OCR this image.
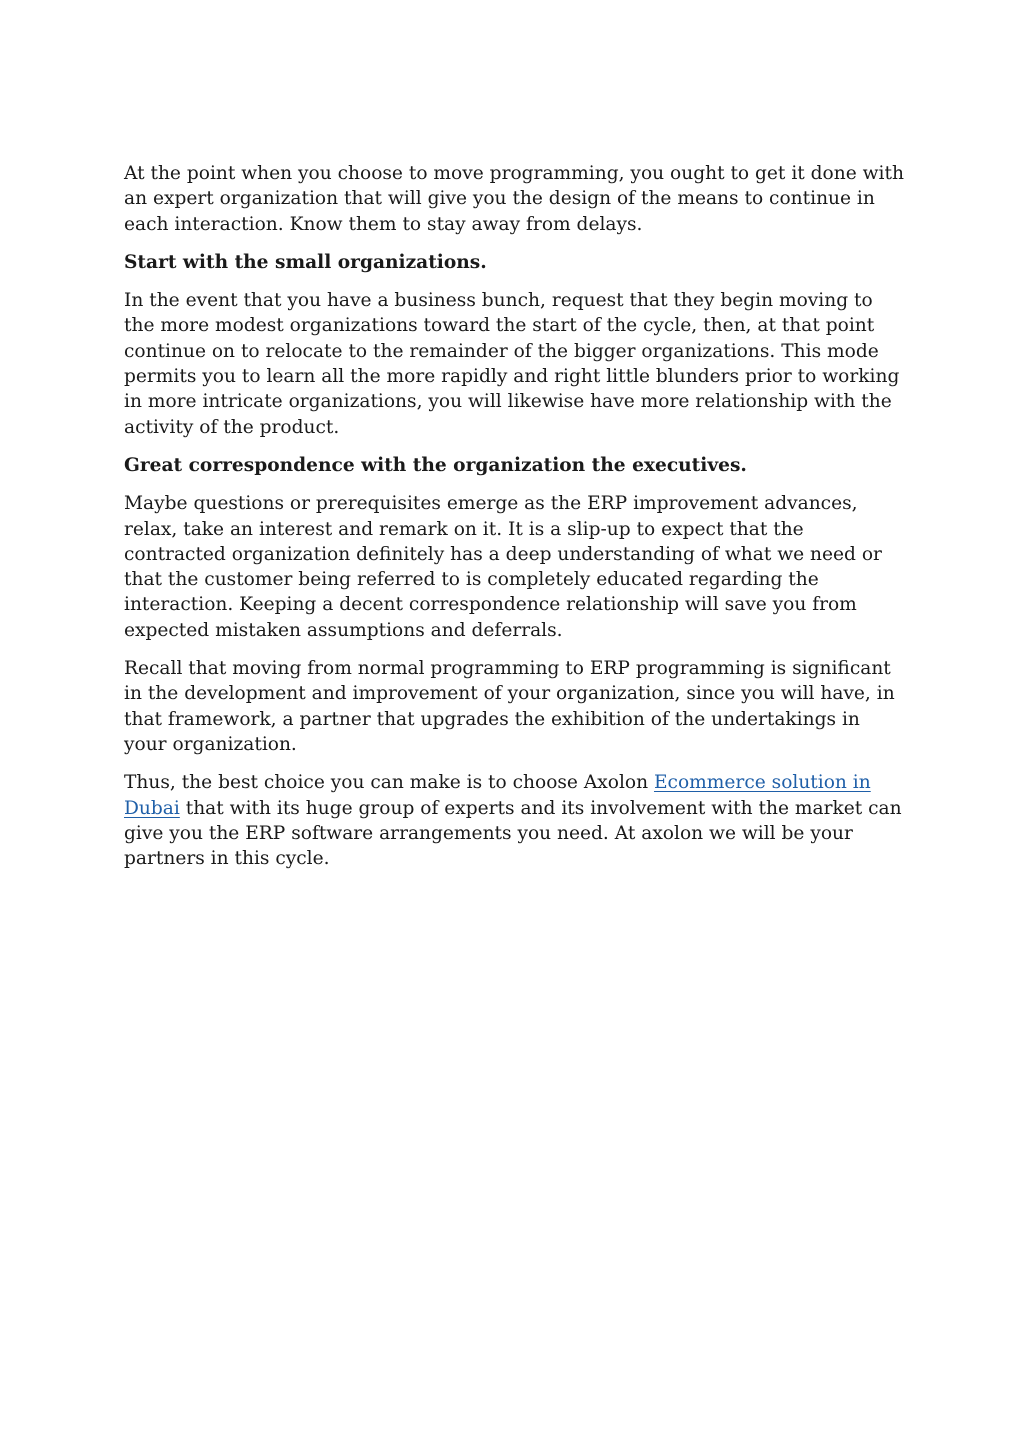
At the point when you choose to move programming, you ought to get it done with an expert organization that will give you the design of the means to continue in each interaction. Know them to stay away from delays.

Start with the small organizations.

In the event that you have a business bunch, request that they begin moving to the more modest organizations toward the start of the cycle, then, at that point continue on to relocate to the remainder of the bigger organizations. This mode permits you to learn all the more rapidly and right little blunders prior to working in more intricate organizations, you will likewise have more relationship with the activity of the product.

Great correspondence with the organization the executives.

Maybe questions or prerequisites emerge as the ERP improvement advances, relax, take an interest and remark on it. It is a slip-up to expect that the contracted organization definitely has a deep understanding of what we need or that the customer being referred to is completely educated regarding the interaction. Keeping a decent correspondence relationship will save you from expected mistaken assumptions and deferrals.

Recall that moving from normal programming to ERP programming is significant in the development and improvement of your organization, since you will have, in that framework, a partner that upgrades the exhibition of the undertakings in your organization.

Thus, the best choice you can make is to choose Axolon Ecommerce solution in Dubai that with its huge group of experts and its involvement with the market can give you the ERP software arrangements you need. At axolon we will be your partners in this cycle.
